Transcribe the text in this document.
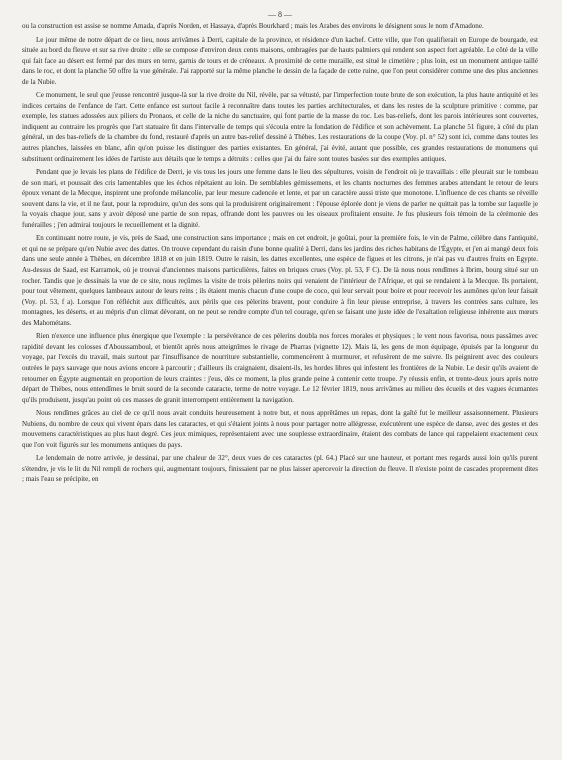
— 8 —

ou la construction est assise se nomme Amada, d'après Norden, et Hassaya, d'après Bourkhard ; mais les Arabes des environs le désignent sous le nom d'Amadone.

Le jour même de notre départ de ce lieu, nous arrivâmes à Derri, capitale de la province, et résidence d'un kachef. Cette ville, que l'on qualifierait en Europe de bourgade, est située au bord du fleuve et sur sa rive droite : elle se compose d'environ deux cents maisons, ombragées par de hauts palmiers qui rendent son aspect fort agréable. Le côté de la ville qui fait face au désert est fermé par des murs en terre, garnis de tours et de créneaux. A proximité de cette muraille, est situé le cimetière ; plus loin, est un monument antique taillé dans le roc, et dont la planche 50 offre la vue générale. J'ai rapporté sur la même planche le dessin de la façade de cette ruine, que l'on peut considérer comme une des plus anciennes de la Nubie.

Ce monument, le seul que j'eusse rencontré jusque-là sur la rive droite du Nil, révèle, par sa vétusté, par l'imperfection toute brute de son exécution, la plus haute antiquité et les indices certains de l'enfance de l'art. Cette enfance est surtout facile à reconnaître dans toutes les parties architecturales, et dans les restes de la sculpture primitive : comme, par exemple, les statues adossées aux piliers du Pronaos, et celle de la niche du sanctuaire, qui font partie de la masse du roc. Les bas-reliefs, dont les parois intérieures sont couvertes, indiquent au contraire les progrès que l'art statuaire fit dans l'intervalle de temps qui s'écoula entre la fondation de l'édifice et son achèvement. La planche 51 figure, à côté du plan général, un des bas-reliefs de la chambre du fond, restauré d'après un autre bas-relief dessiné à Thèbes. Les restaurations de la coupe (Voy. pl. n° 52) sont ici, comme dans toutes les autres planches, laissées en blanc, afin qu'on puisse les distinguer des parties existantes. En général, j'ai évité, autant que possible, ces grandes restaurations de monumens qui substituent ordinairement les idées de l'artiste aux détails que le temps a détruits : celles que j'ai du faire sont toutes basées sur des exemples antiques.

Pendant que je levais les plans de l'édifice de Derri, je vis tous les jours une femme dans le lieu des sépultures, voisin de l'endroit où je travaillais : elle pleurait sur le tombeau de son mari, et poussait des cris lamentables que les échos répétaient au loin. De semblables gémissemens, et les chants nocturnes des femmes arabes attendant le retour de leurs époux venant de la Mecque, inspirent une profonde mélancolie, par leur mesure cadencée et lente, et par un caractère aussi triste que monotone. L'influence de ces chants se réveille souvent dans la vie, et il ne faut, pour la reproduire, qu'un des sons qui la produisirent originairement : l'épouse éplorée dont je viens de parler ne quittait pas la tombe sur laquelle je la voyais chaque jour, sans y avoir déposé une partie de son repas, offrande dont les pauvres ou les oiseaux profitaient ensuite. Je fus plusieurs fois témoin de la cérémonie des funérailles ; j'en admirai toujours le recueillement et la dignité.

En continuant notre route, je vis, près de Saad, une construction sans importance ; mais en cet endroit, je goûtai, pour la première fois, le vin de Palme, célèbre dans l'antiquité, et qui ne se prépare qu'en Nubie avec des dattes. On trouve cependant du raisin d'une bonne qualité à Derri, dans les jardins des riches habitans de l'Égypte, et j'en ai mangé deux fois dans une seule année à Thèbes, en décembre 1818 et en juin 1819. Outre le raisin, les dattes excellentes, une espèce de figues et les citrons, je n'ai pas vu d'autres fruits en Egypte. Au-dessus de Saad, est Karramok, où je trouvai d'anciennes maisons particulières, faites en briques crues (Voy. pl. 53, F C). De là nous nous rendîmes à Ibrim, bourg situé sur un rocher. Tandis que je dessinais la vue de ce site, nous reçûmes la visite de trois pèlerins noirs qui venaient de l'intérieur de l'Afrique, et qui se rendaient à la Mecque. Ils portaient, pour tout vêtement, quelques lambeaux autour de leurs reins ; ils étaient munis chacun d'une coupe de coco, qui leur servait pour boire et pour recevoir les aumônes qu'on leur faisait (Voy. pl. 53, f a). Lorsque l'on réfléchit aux difficultés, aux périls que ces pèlerins bravent, pour conduire à fin leur pieuse entreprise, à travers les contrées sans culture, les montagnes, les déserts, et au mépris d'un climat dévorant, on ne peut se rendre compte d'un tel courage, qu'en se faisant une juste idée de l'exaltation religieuse inhérente aux mœurs des Mahométans.

Rien n'exerce une influence plus énergique que l'exemple : la persévérance de ces pèlerins doubla nos forces morales et physiques ; le vent nous favorisa, nous passâmes avec rapidité devant les colosses d'Aboussamboul, et bientôt après nous atteignîmes le rivage de Pharras (vignette 12). Mais là, les gens de mon équipage, épuisés par la longueur du voyage, par l'excès du travail, mais surtout par l'insuffisance de nourriture substantielle, commencèrent à murmurer, et refusèrent de me suivre. Ils peignirent avec des couleurs outrées le pays sauvage que nous avions encore à parcourir ; d'ailleurs ils craignaient, disaient-ils, les hordes libres qui infestent les frontières de la Nubie. Le desir qu'ils avaient de retourner en Égypte augmentait en proportion de leurs craintes : j'eus, dès ce moment, la plus grande peine à contenir cette troupe. J'y réussis enfin, et trente-deux jours après notre départ de Thèbes, nous entendîmes le bruit sourd de la seconde cataracte, terme de notre voyage. Le 12 février 1819, nous arrivâmes au milieu des écueils et des vagues écumantes qu'ils produisent, jusqu'au point où ces masses de granit interrompent entièrement la navigation.

Nous rendîmes grâces au ciel de ce qu'il nous avait conduits heureusement à notre but, et nous apprêtâmes un repas, dont la gaîté fut le meilleur assaisonnement. Plusieurs Nubiens, du nombre de ceux qui vivent épars dans les cataractes, et qui s'étaient joints à nous pour partager notre allégresse, exécutèrent une espèce de danse, avec des gestes et des mouvemens caractéristiques au plus haut degré. Ces jeux mimiques, représentaient avec une souplesse extraordinaire, étaient des combats de lance qui rappelaient exactement ceux que l'on voit figurés sur les monumens antiques du pays.

Le lendemain de notre arrivée, je dessinai, par une chaleur de 32°, deux vues de ces cataractes (pl. 64.) Placé sur une hauteur, et portant mes regards aussi loin qu'ils purent s'étendre, je vis le lit du Nil rempli de rochers qui, augmentant toujours, finissaient par ne plus laisser apercevoir la direction du fleuve. Il n'existe point de cascades proprement dites ; mais l'eau se précipite, en
